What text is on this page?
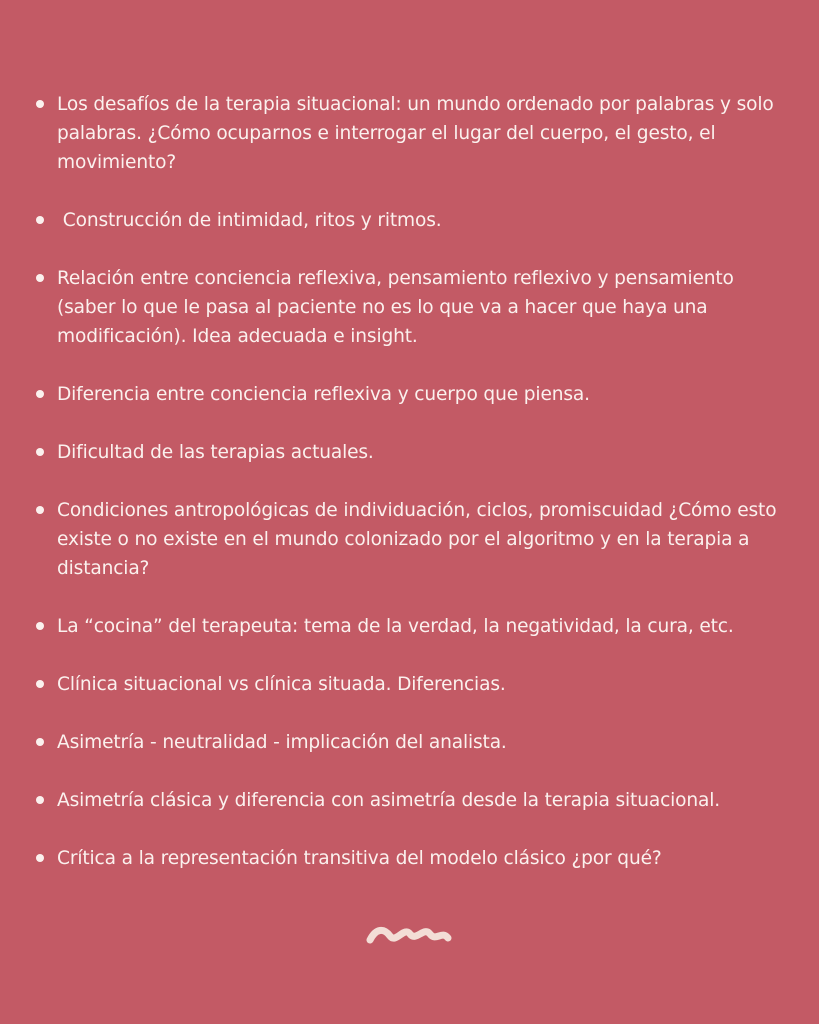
Los desafíos de la terapia situacional: un mundo ordenado por palabras y solo palabras. ¿Cómo ocuparnos e interrogar el lugar del cuerpo, el gesto, el movimiento?
Construcción de intimidad, ritos y ritmos.
Relación entre conciencia reflexiva, pensamiento reflexivo y pensamiento (saber lo que le pasa al paciente no es lo que va a hacer que haya una modificación). Idea adecuada e insight.
Diferencia entre conciencia reflexiva y cuerpo que piensa.
Dificultad de las terapias actuales.
Condiciones antropológicas de individuación, ciclos, promiscuidad ¿Cómo esto existe o no existe en el mundo colonizado por el algoritmo y en la terapia a distancia?
La “cocina” del terapeuta: tema de la verdad, la negatividad, la cura, etc.
Clínica situacional vs clínica situada. Diferencias.
Asimetría - neutralidad - implicación del analista.
Asimetría clásica y diferencia con asimetría desde la terapia situacional.
Crítica a la representación transitiva del modelo clásico ¿por qué?
